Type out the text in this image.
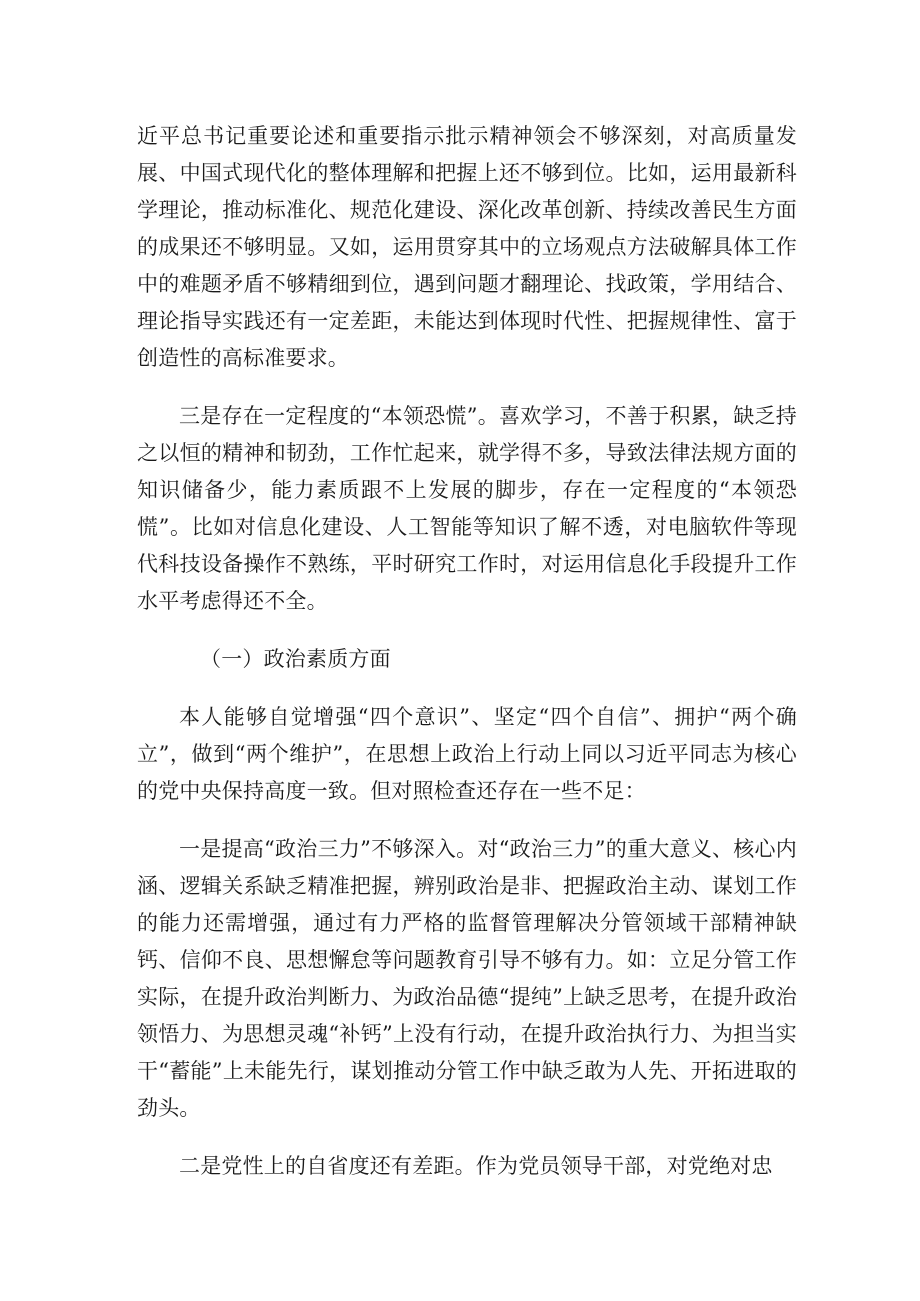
近平总书记重要论述和重要指示批示精神领会不够深刻，对高质量发展、中国式现代化的整体理解和把握上还不够到位。比如，运用最新科学理论，推动标准化、规范化建设、深化改革创新、持续改善民生方面的成果还不够明显。又如，运用贯穿其中的立场观点方法破解具体工作中的难题矛盾不够精细到位，遇到问题才翻理论、找政策，学用结合、理论指导实践还有一定差距，未能达到体现时代性、把握规律性、富于创造性的高标准要求。

三是存在一定程度的“本领恐慌”。喜欢学习，不善于积累，缺乏持之以恒的精神和韧劲，工作忙起来，就学得不多，导致法律法规方面的知识储备少，能力素质跟不上发展的脚步，存在一定程度的“本领恐慌”。比如对信息化建设、人工智能等知识了解不透，对电脑软件等现代科技设备操作不熟练，平时研究工作时，对运用信息化手段提升工作水平考虑得还不全。

（一）政治素质方面

本人能够自觉增强“四个意识”、坚定“四个自信”、拥护“两个确立”，做到“两个维护”，在思想上政治上行动上同以习近平同志为核心的党中央保持高度一致。但对照检查还存在一些不足：

一是提高“政治三力”不够深入。对“政治三力”的重大意义、核心内涵、逻辑关系缺乏精准把握，辨别政治是非、把握政治主动、谋划工作的能力还需增强，通过有力严格的监督管理解决分管领域干部精神缺钙、信仰不良、思想懈怠等问题教育引导不够有力。如：立足分管工作实际，在提升政治判断力、为政治品德“提纯”上缺乏思考，在提升政治领悟力、为思想灵魂“补钙”上没有行动，在提升政治执行力、为担当实干“蓄能”上未能先行，谋划推动分管工作中缺乏敢为人先、开拓进取的劲头。

二是党性上的自省度还有差距。作为党员领导干部，对党绝对忠
